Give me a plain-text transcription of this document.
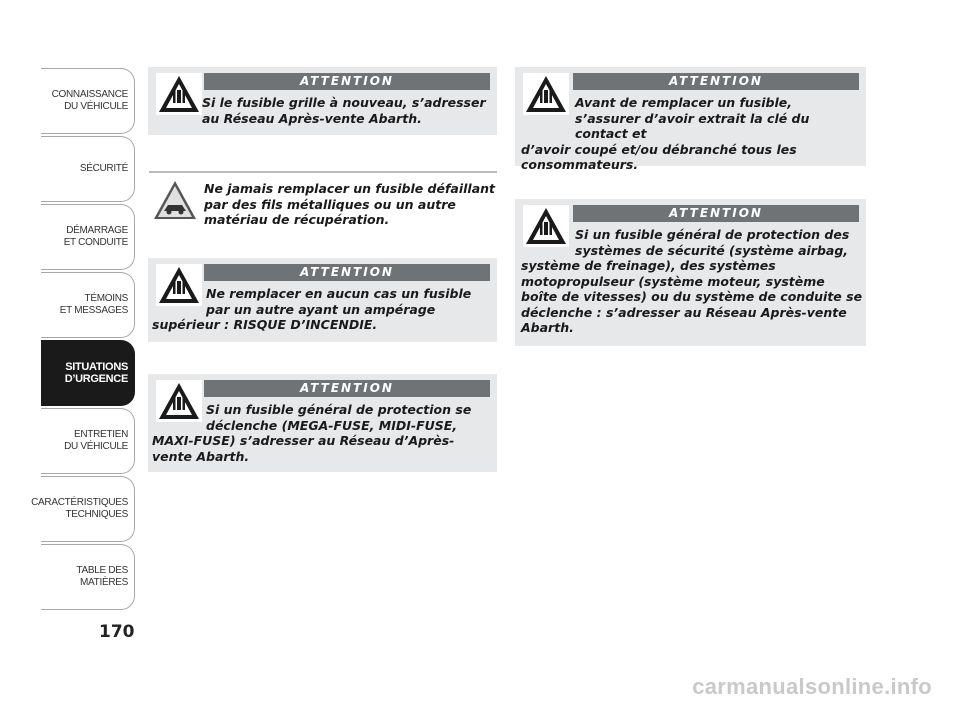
CONNAISSANCE
DU VÉHICULE
SÉCURITÉ
DÉMARRAGE
ET CONDUITE
TÉMOINS
ET MESSAGES
SITUATIONS
D’URGENCE
ENTRETIEN
DU VÉHICULE
CARACTÉRISTIQUES
TECHNIQUES
TABLE DES
MATIÈRES
170
ATTENTION
Si le fusible grille à nouveau, s’adresser au Réseau Après-vente Abarth.
Ne jamais remplacer un fusible défaillant par des fils métalliques ou un autre matériau de récupération.
ATTENTION
Ne remplacer en aucun cas un fusible par un autre ayant un ampérage
supérieur : RISQUE D’INCENDIE.
ATTENTION
Si un fusible général de protection se déclenche (MEGA-FUSE, MIDI-FUSE,
MAXI-FUSE) s’adresser au Réseau d’Après-vente Abarth.
ATTENTION
Avant de remplacer un fusible, s’assurer d’avoir extrait la clé du contact et
d’avoir coupé et/ou débranché tous les consommateurs.
ATTENTION
Si un fusible général de protection des systèmes de sécurité (système airbag,
système de freinage), des systèmes motopropulseur (système moteur, système boîte de vitesses) ou du système de conduite se déclenche : s’adresser au Réseau Après-vente Abarth.
carmanualsonline.info
